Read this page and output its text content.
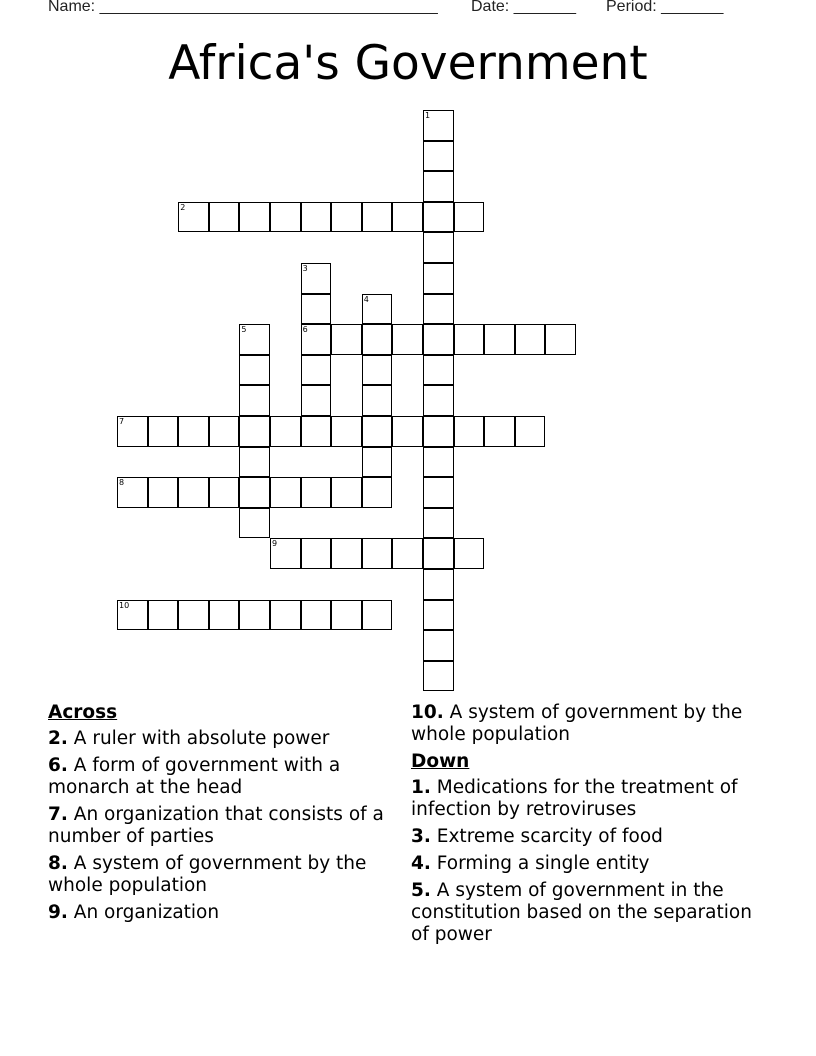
Name: ______________________________________ Date: _______ Period: _______
Africa's Government
1
2
3
6
4
5
7
8
9
10
Across
2. A ruler with absolute power
6. A form of government with a monarch at the head
7. An organization that consists of a number of parties
8. A system of government by the whole population
9. An organization
10. A system of government by the whole population
Down
1. Medications for the treatment of infection by retroviruses
3. Extreme scarcity of food
4. Forming a single entity
5. A system of government in the constitution based on the separation of power
